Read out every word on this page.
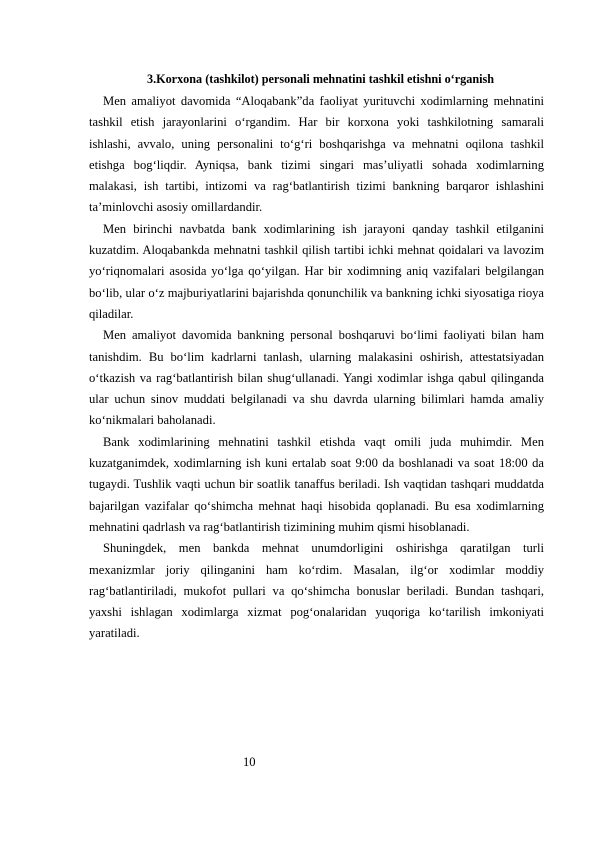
3.Korxona (tashkilot) personali mehnatini tashkil etishni o‘rganish

Men amaliyot davomida “Aloqabank”da faoliyat yurituvchi xodimlarning mehnatini tashkil etish jarayonlarini o‘rgandim. Har bir korxona yoki tashkilotning samarali ishlashi, avvalo, uning personalini to‘g‘ri boshqarishga va mehnatni oqilona tashkil etishga bog‘liqdir. Ayniqsa, bank tizimi singari mas’uliyatli sohada xodimlarning malakasi, ish tartibi, intizomi va rag‘batlantirish tizimi bankning barqaror ishlashini ta’minlovchi asosiy omillardandir.

Men birinchi navbatda bank xodimlarining ish jarayoni qanday tashkil etilganini kuzatdim. Aloqabankda mehnatni tashkil qilish tartibi ichki mehnat qoidalari va lavozim yo‘riqnomalari asosida yo‘lga qo‘yilgan. Har bir xodimning aniq vazifalari belgilangan bo‘lib, ular o‘z majburiyatlarini bajarishda qonunchilik va bankning ichki siyosatiga rioya qiladilar.

Men amaliyot davomida bankning personal boshqaruvi bo‘limi faoliyati bilan ham tanishdim. Bu bo‘lim kadrlarni tanlash, ularning malakasini oshirish, attestatsiyadan o‘tkazish va rag‘batlantirish bilan shug‘ullanadi. Yangi xodimlar ishga qabul qilinganda ular uchun sinov muddati belgilanadi va shu davrda ularning bilimlari hamda amaliy ko‘nikmalari baholanadi.

Bank xodimlarining mehnatini tashkil etishda vaqt omili juda muhimdir. Men kuzatganimdek, xodimlarning ish kuni ertalab soat 9:00 da boshlanadi va soat 18:00 da tugaydi. Tushlik vaqti uchun bir soatlik tanaffus beriladi. Ish vaqtidan tashqari muddatda bajarilgan vazifalar qo‘shimcha mehnat haqi hisobida qoplanadi. Bu esa xodimlarning mehnatini qadrlash va rag‘batlantirish tizimining muhim qismi hisoblanadi.

Shuningdek, men bankda mehnat unumdorligini oshirishga qaratilgan turli mexanizmlar joriy qilinganini ham ko‘rdim. Masalan, ilg‘or xodimlar moddiy rag‘batlantiriladi, mukofot pullari va qo‘shimcha bonuslar beriladi. Bundan tashqari, yaxshi ishlagan xodimlarga xizmat pog‘onalaridan yuqoriga ko‘tarilish imkoniyati yaratiladi.

10
